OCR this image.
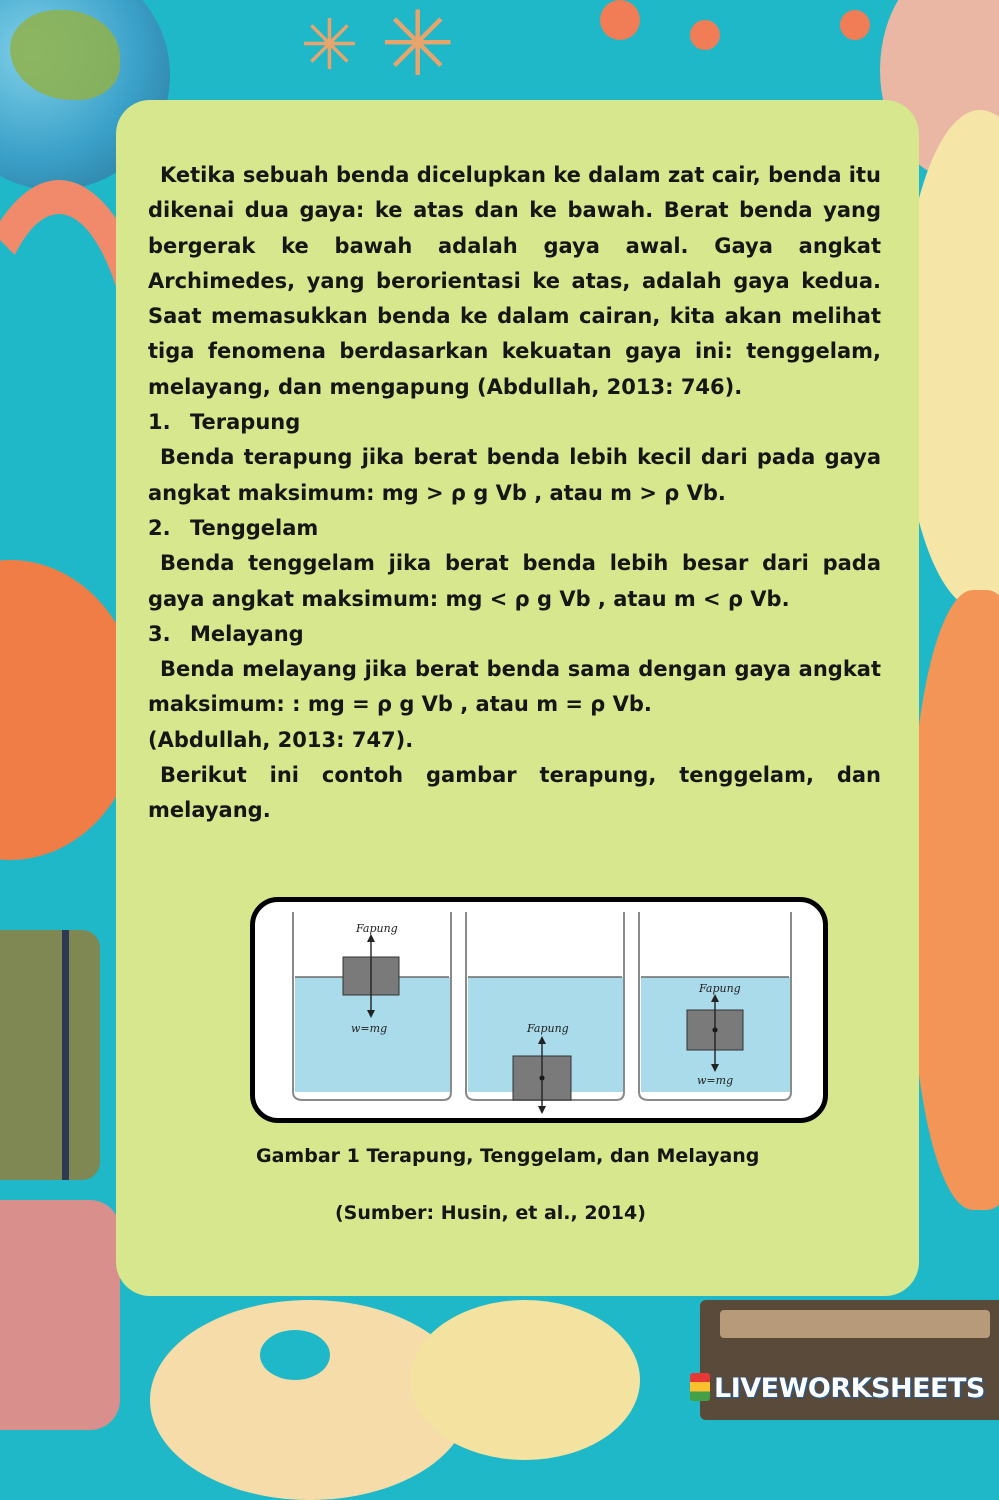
✳ ✳

Ketika sebuah benda dicelupkan ke dalam zat cair, benda itu dikenai dua gaya: ke atas dan ke bawah. Berat benda yang bergerak ke bawah adalah gaya awal. Gaya angkat Archimedes, yang berorientasi ke atas, adalah gaya kedua. Saat memasukkan benda ke dalam cairan, kita akan melihat tiga fenomena berdasarkan kekuatan gaya ini: tenggelam, melayang, dan mengapung (Abdullah, 2013: 746).

1. Terapung

Benda terapung jika berat benda lebih kecil dari pada gaya angkat maksimum: mg > ρ g Vb , atau m > ρ Vb.

2. Tenggelam

Benda tenggelam jika berat benda lebih besar dari pada gaya angkat maksimum: mg < ρ g Vb , atau m < ρ Vb.

3. Melayang

Benda melayang jika berat benda sama dengan gaya angkat maksimum: : mg = ρ g Vb , atau m = ρ Vb.

(Abdullah, 2013: 747).

Berikut ini contoh gambar terapung, tenggelam, dan melayang.

Fapung
w=mg	Fapung
Fapung
w=mg
Gambar 1 Terapung, Tenggelam, dan Melayang
(Sumber: Husin, et al., 2014)
LIVEWORKSHEETS
